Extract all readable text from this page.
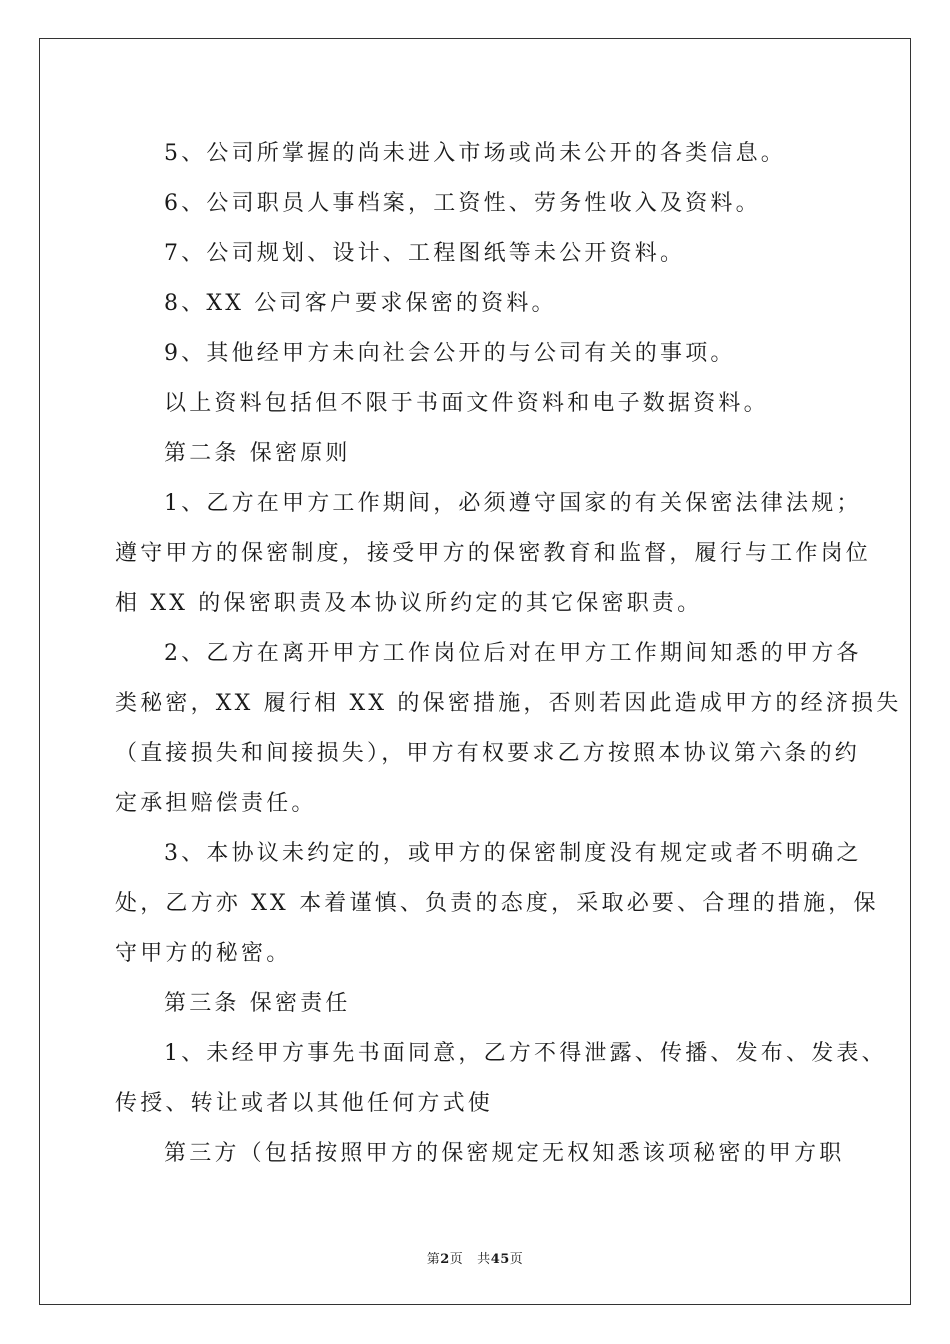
5、公司所掌握的尚未进入市场或尚未公开的各类信息。

6、公司职员人事档案，工资性、劳务性收入及资料。

7、公司规划、设计、工程图纸等未公开资料。

8、XX 公司客户要求保密的资料。

9、其他经甲方未向社会公开的与公司有关的事项。

以上资料包括但不限于书面文件资料和电子数据资料。

第二条 保密原则

1、乙方在甲方工作期间，必须遵守国家的有关保密法律法规；
遵守甲方的保密制度，接受甲方的保密教育和监督，履行与工作岗位
相 XX 的保密职责及本协议所约定的其它保密职责。

2、乙方在离开甲方工作岗位后对在甲方工作期间知悉的甲方各
类秘密，XX 履行相 XX 的保密措施，否则若因此造成甲方的经济损失
（直接损失和间接损失），甲方有权要求乙方按照本协议第六条的约
定承担赔偿责任。

3、本协议未约定的，或甲方的保密制度没有规定或者不明确之
处，乙方亦 XX 本着谨慎、负责的态度，采取必要、合理的措施，保
守甲方的秘密。

第三条 保密责任

1、未经甲方事先书面同意，乙方不得泄露、传播、发布、发表、
传授、转让或者以其他任何方式使

第三方（包括按照甲方的保密规定无权知悉该项秘密的甲方职

第2页 共45页
